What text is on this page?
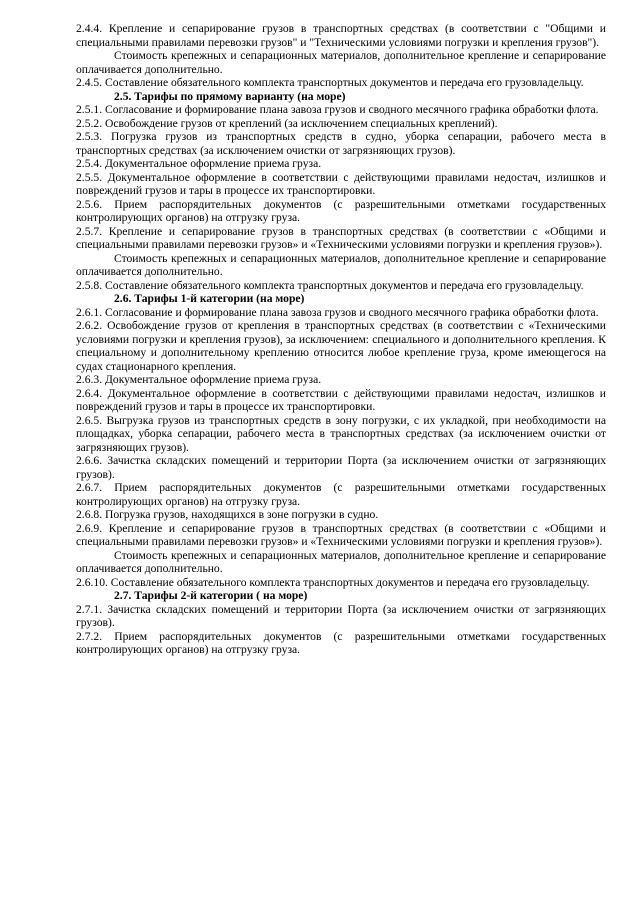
2.4.4. Крепление и сепарирование грузов в транспортных средствах (в соответствии с "Общими и специальными правилами перевозки грузов" и "Техническими условиями погрузки и крепления грузов").

Стоимость крепежных и сепарационных материалов, дополнительное крепление и сепарирование оплачивается дополнительно.

2.4.5. Составление обязательного комплекта транспортных документов и передача его грузовладельцу.

2.5. Тарифы по прямому варианту (на море)

2.5.1. Согласование и формирование плана завоза грузов и сводного месячного графика обработки флота.

2.5.2. Освобождение грузов от креплений (за исключением специальных креплений).

2.5.3. Погрузка грузов из транспортных средств в судно, уборка сепарации, рабочего места в транспортных средствах (за исключением очистки от загрязняющих грузов).

2.5.4. Документальное оформление приема груза.

2.5.5. Документальное оформление в соответствии с действующими правилами недостач, излишков и повреждений грузов и тары в процессе их транспортировки.

2.5.6. Прием распорядительных документов (с разрешительными отметками государственных контролирующих органов) на отгрузку груза.

2.5.7. Крепление и сепарирование грузов в транспортных средствах (в соответствии с «Общими и специальными правилами перевозки грузов» и «Техническими условиями погрузки и крепления грузов»).

Стоимость крепежных и сепарационных материалов, дополнительное крепление и сепарирование оплачивается дополнительно.

2.5.8. Составление обязательного комплекта транспортных документов и передача его грузовладельцу.

2.6. Тарифы 1-й категории (на море)

2.6.1. Согласование и формирование плана завоза грузов и сводного месячного графика обработки флота.

2.6.2. Освобождение грузов от крепления в транспортных средствах (в соответствии с «Техническими условиями погрузки и крепления грузов), за исключением: специального и дополнительного крепления. К специальному и дополнительному креплению относится любое крепление груза, кроме имеющегося на судах стационарного крепления.

2.6.3. Документальное оформление приема груза.

2.6.4. Документальное оформление в соответствии с действующими правилами недостач, излишков и повреждений грузов и тары в процессе их транспортировки.

2.6.5. Выгрузка грузов из транспортных средств в зону погрузки, с их укладкой, при необходимости на площадках, уборка сепарации, рабочего места в транспортных средствах (за исключением очистки от загрязняющих грузов).

2.6.6. Зачистка складских помещений и территории Порта (за исключением очистки от загрязняющих грузов).

2.6.7. Прием распорядительных документов (с разрешительными отметками государственных контролирующих органов) на отгрузку груза.

2.6.8. Погрузка грузов, находящихся в зоне погрузки в судно.

2.6.9. Крепление и сепарирование грузов в транспортных средствах (в соответствии с «Общими и специальными правилами перевозки грузов» и «Техническими условиями погрузки и крепления грузов»).

Стоимость крепежных и сепарационных материалов, дополнительное крепление и сепарирование оплачивается дополнительно.

2.6.10. Составление обязательного комплекта транспортных документов и передача его грузовладельцу.

2.7. Тарифы 2-й категории ( на море)

2.7.1. Зачистка складских помещений и территории Порта (за исключением очистки от загрязняющих грузов).

2.7.2. Прием распорядительных документов (с разрешительными отметками государственных контролирующих органов) на отгрузку груза.
